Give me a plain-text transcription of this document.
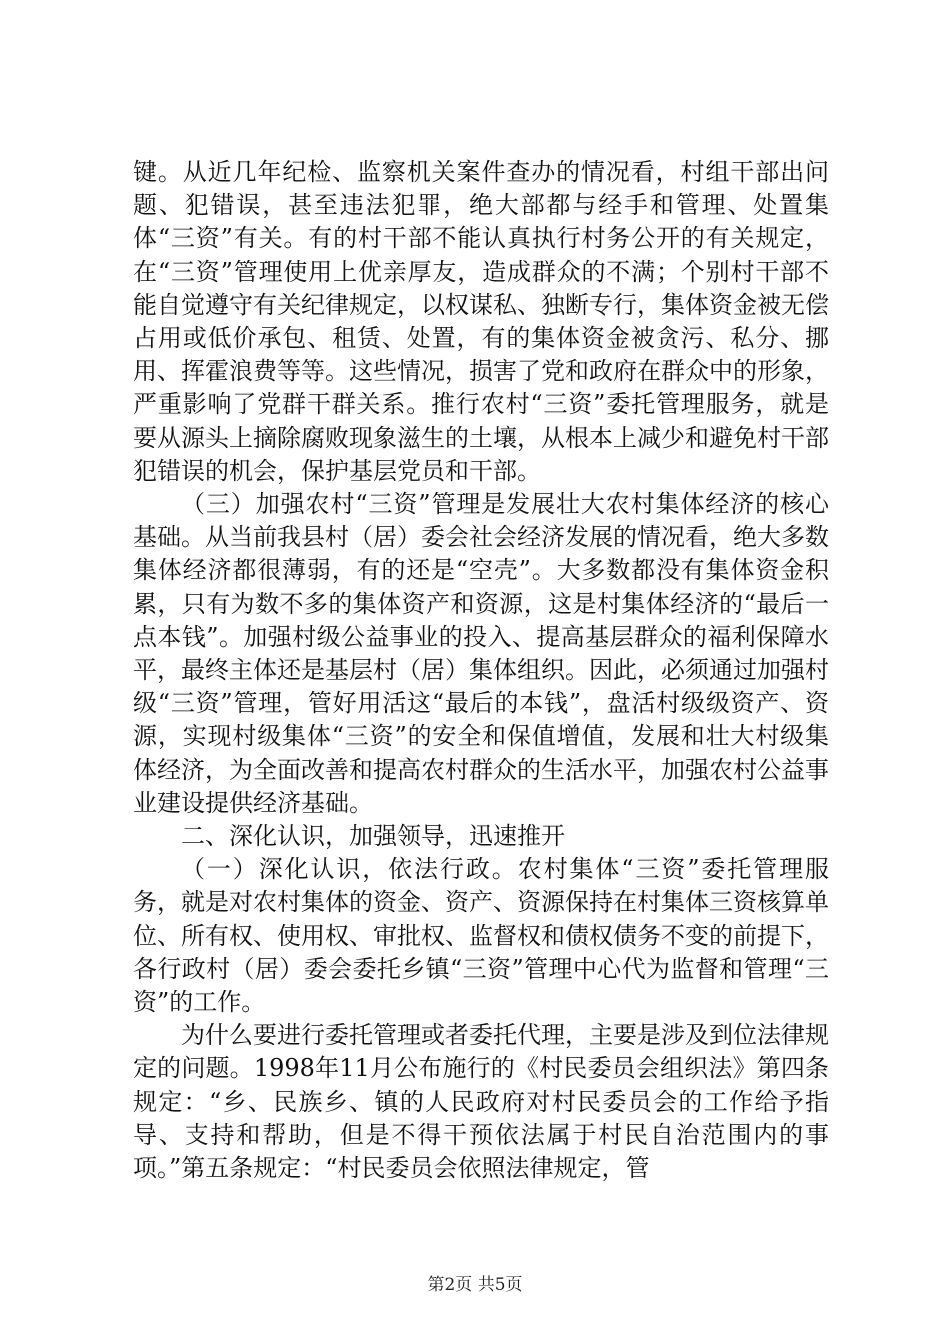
键。从近几年纪检、监察机关案件查办的情况看，村组干部出问题、犯错误，甚至违法犯罪，绝大部都与经手和管理、处置集体“三资”有关。有的村干部不能认真执行村务公开的有关规定，在“三资”管理使用上优亲厚友，造成群众的不满；个别村干部不能自觉遵守有关纪律规定，以权谋私、独断专行，集体资金被无偿占用或低价承包、租赁、处置，有的集体资金被贪污、私分、挪用、挥霍浪费等等。这些情况，损害了党和政府在群众中的形象，严重影响了党群干群关系。推行农村“三资”委托管理服务，就是要从源头上摘除腐败现象滋生的土壤，从根本上减少和避免村干部犯错误的机会，保护基层党员和干部。

（三）加强农村“三资”管理是发展壮大农村集体经济的核心基础。从当前我县村（居）委会社会经济发展的情况看，绝大多数集体经济都很薄弱，有的还是“空壳”。大多数都没有集体资金积累，只有为数不多的集体资产和资源，这是村集体经济的“最后一点本钱”。加强村级公益事业的投入、提高基层群众的福利保障水平，最终主体还是基层村（居）集体组织。因此，必须通过加强村级“三资”管理，管好用活这“最后的本钱”，盘活村级级资产、资源，实现村级集体“三资”的安全和保值增值，发展和壮大村级集体经济，为全面改善和提高农村群众的生活水平，加强农村公益事业建设提供经济基础。

二、深化认识，加强领导，迅速推开

（一）深化认识，依法行政。农村集体“三资”委托管理服务，就是对农村集体的资金、资产、资源保持在村集体三资核算单位、所有权、使用权、审批权、监督权和债权债务不变的前提下，各行政村（居）委会委托乡镇“三资”管理中心代为监督和管理“三资”的工作。

为什么要进行委托管理或者委托代理，主要是涉及到位法律规定的问题。1998年11月公布施行的《村民委员会组织法》第四条规定：“乡、民族乡、镇的人民政府对村民委员会的工作给予指导、支持和帮助，但是不得干预依法属于村民自治范围内的事项。”第五条规定：“村民委员会依照法律规定，管

第2页 共5页
